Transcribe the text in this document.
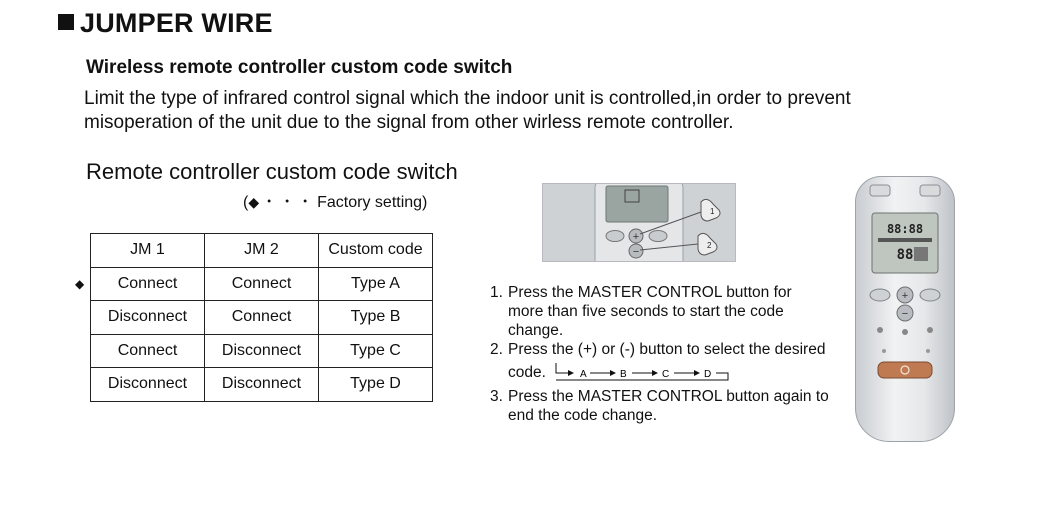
JUMPER WIRE
Wireless remote controller custom code switch
Limit the type of infrared control signal which the indoor unit is controlled,in order to prevent
misoperation of the unit due to the signal from other wirless remote controller.
Remote controller custom code switch
(◆ ・・・ Factory setting)
◆
JM 1	JM 2	Custom code
Connect	Connect	Type A
Disconnect	Connect	Type B
Connect	Disconnect	Type C
Disconnect	Disconnect	Type D
+
−
1
2
1. Press the MASTER CONTROL button for more than five seconds to start the code change.
2. Press the (+) or (-) button to select the desired code.	A	B	C	D
3. Press the MASTER CONTROL button again to end the code change.
88:88
88
+
−
